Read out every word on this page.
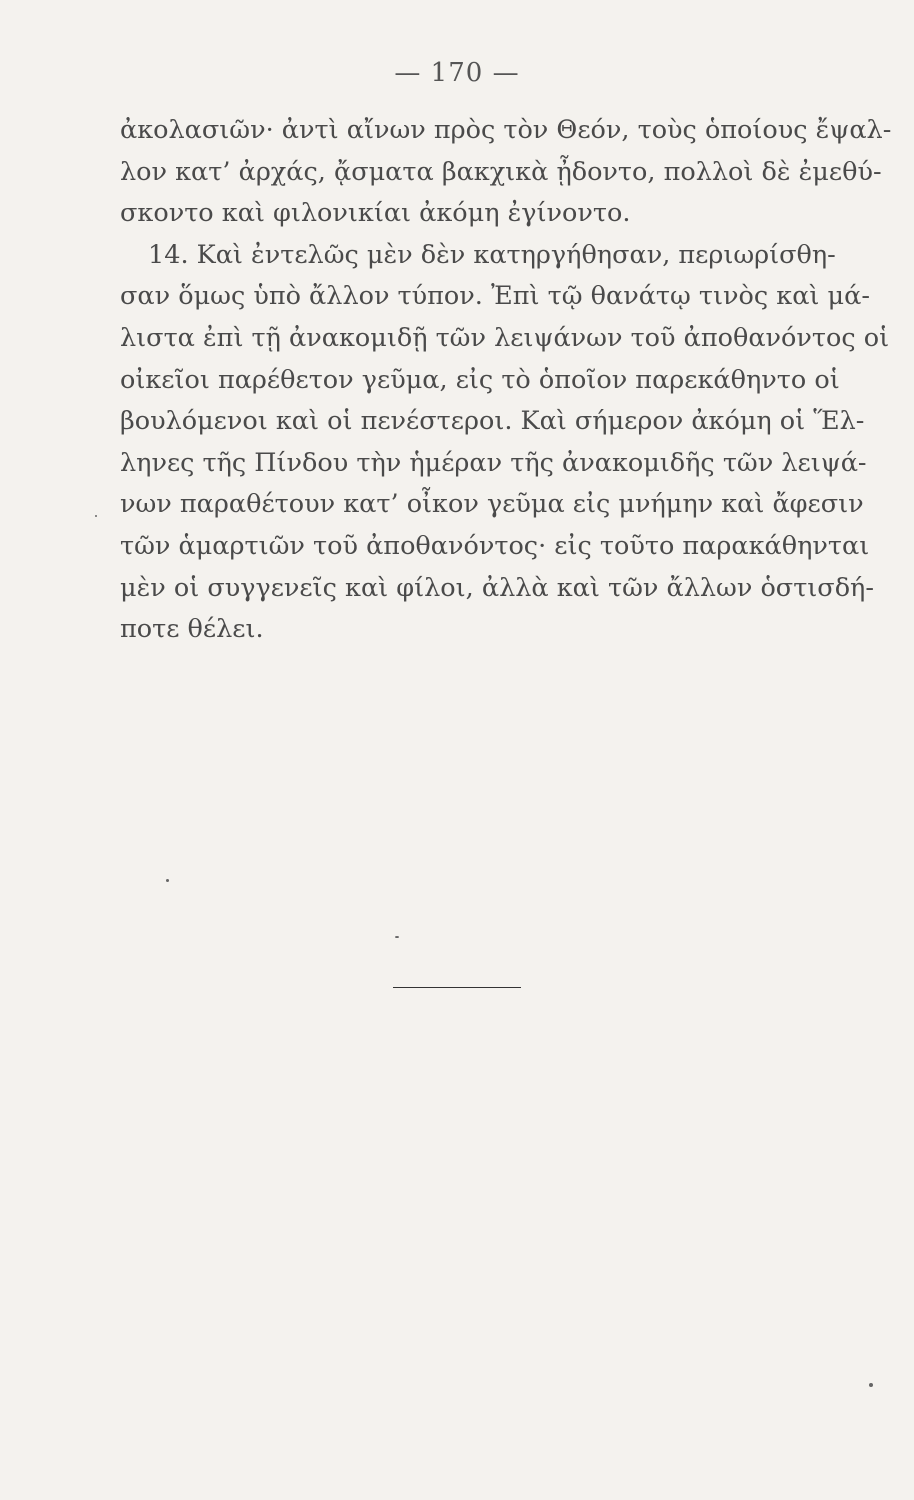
— 170 —
ἀκολασιῶν· ἀντὶ αἴνων πρὸς τὸν Θεόν, τοὺς ὁποίους ἔψαλ-
λον κατ’ ἀρχάς, ᾄσματα βακχικὰ ᾖδοντο, πολλοὶ δὲ ἐμεθύ-
σκοντο καὶ φιλονικίαι ἀκόμη ἐγίνοντο.
14. Καὶ ἐντελῶς μὲν δὲν κατηργήθησαν, περιωρίσθη-
σαν ὅμως ὑπὸ ἄλλον τύπον. Ἐπὶ τῷ θανάτῳ τινὸς καὶ μά-
λιστα ἐπὶ τῇ ἀνακομιδῇ τῶν λειψάνων τοῦ ἀποθανόντος οἱ
οἰκεῖοι παρέθετον γεῦμα, εἰς τὸ ὁποῖον παρεκάθηντο οἱ
βουλόμενοι καὶ οἱ πενέστεροι. Καὶ σήμερον ἀκόμη οἱ Ἕλ-
ληνες τῆς Πίνδου τὴν ἡμέραν τῆς ἀνακομιδῆς τῶν λειψά-
νων παραθέτουν κατ’ οἶκον γεῦμα εἰς μνήμην καὶ ἄφεσιν
τῶν ἁμαρτιῶν τοῦ ἀποθανόντος· εἰς τοῦτο παρακάθηνται
μὲν οἱ συγγενεῖς καὶ φίλοι, ἀλλὰ καὶ τῶν ἄλλων ὁστισδή-
ποτε θέλει.
